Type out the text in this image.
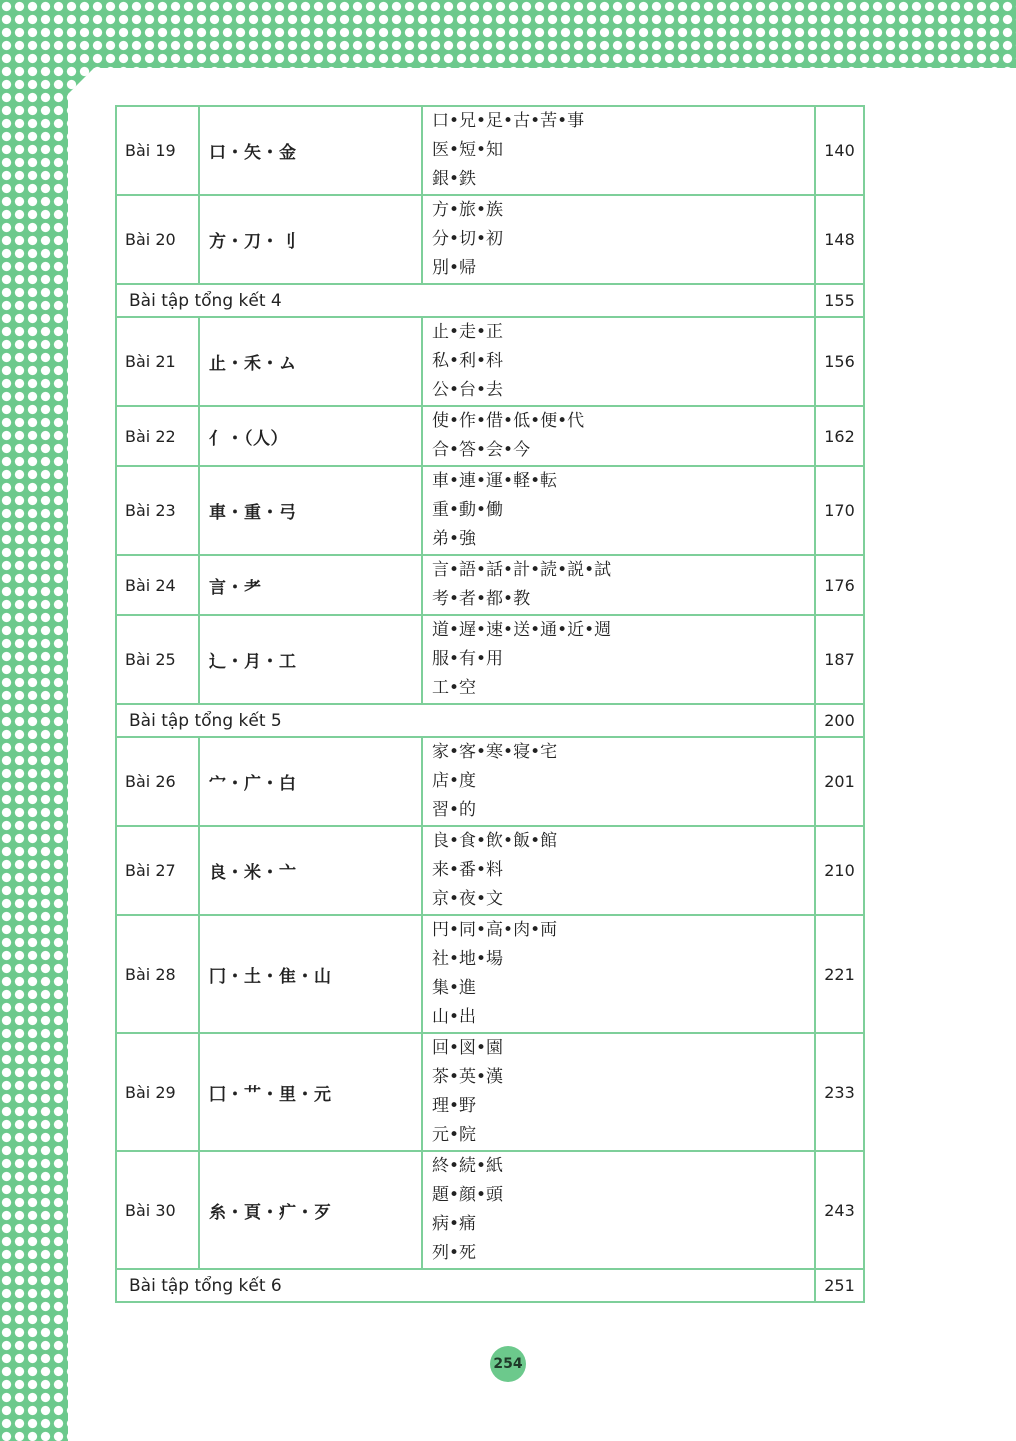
Bài 19	口・矢・金	口•兄•足•古•苦•事
医•短•知
銀•鉄	140
Bài 20	方・刀・刂	方•旅•族
分•切•初
別•帰	148
Bài tập tổng kết 4			155
Bài 21	止・禾・ム	止•走•正
私•利•科
公•台•去	156
Bài 22	亻・（人）	使•作•借•低•便•代
合•答•会•今	162
Bài 23	車・重・弓	車•連•運•軽•転
重•動•働
弟•強	170
Bài 24	言・耂	言•語•話•計•読•説•試
考•者•都•教	176
Bài 25	辶・月・工	道•遅•速•送•通•近•週
服•有•用
工•空	187
Bài tập tổng kết 5			200
Bài 26	宀・广・白	家•客•寒•寝•宅
店•度
習•的	201
Bài 27	良・米・亠	良•食•飲•飯•館
来•番•料
京•夜•文	210
Bài 28	冂・土・隹・山	円•同•高•肉•両
社•地•場
集•進
山•出	221
Bài 29	囗・艹・里・元	回•図•園
茶•英•漢
理•野
元•院	233
Bài 30	糸・頁・疒・歹	終•続•紙
題•顔•頭
病•痛
列•死	243
Bài tập tổng kết 6			251
254
